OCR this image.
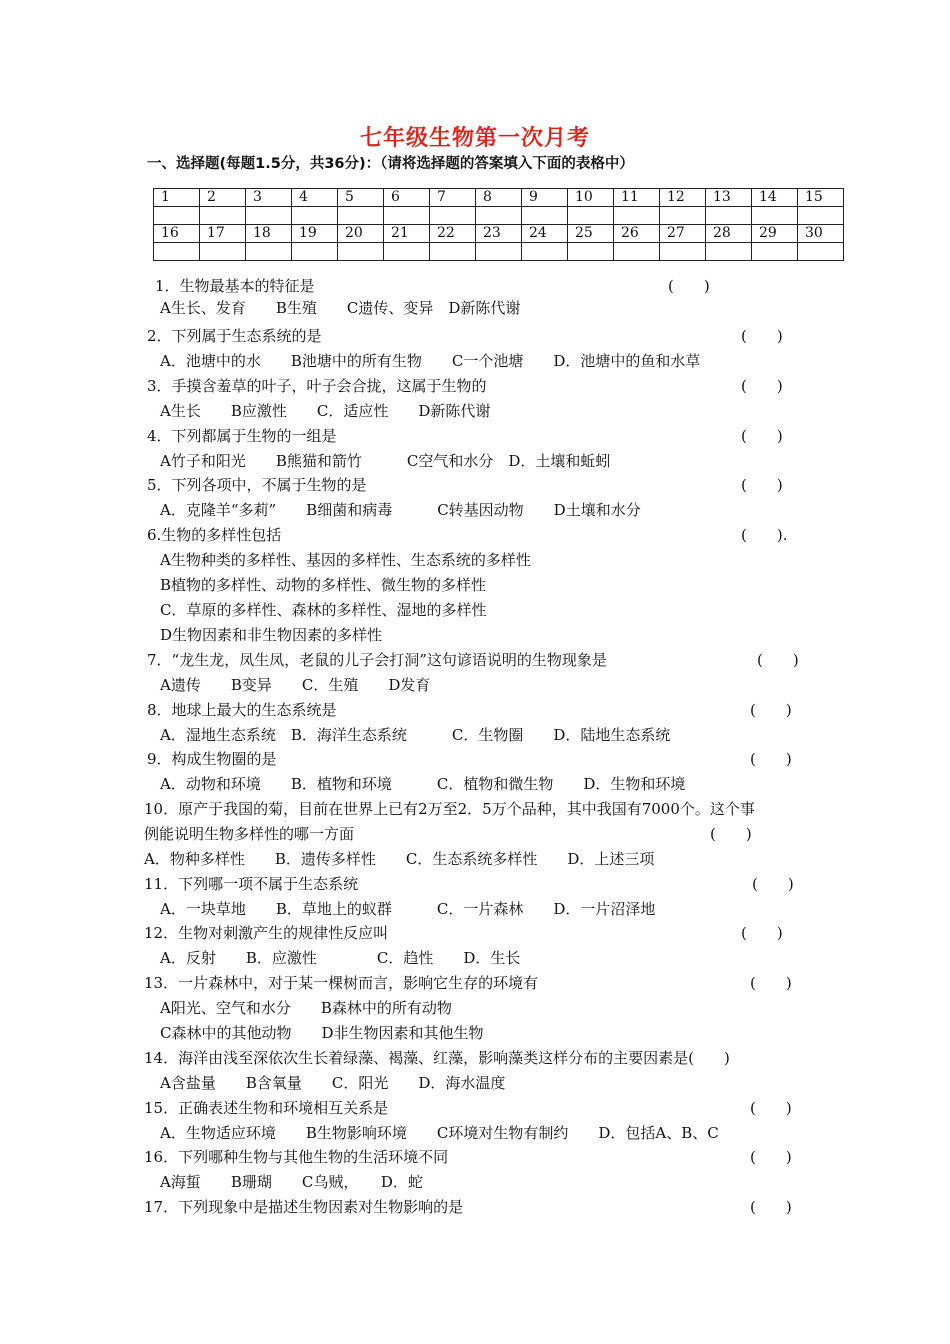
七年级生物第一次月考
一、选择题(每题1.5分，共36分)：（请将选择题的答案填入下面的表格中）
1	2	3	4	5	6	7	8	9	10	11	12	13	14	15

16	17	18	19	20	21	22	23	24	25	26	27	28	29	30

1．生物最基本的特征是	(　　)
A生长、发育　　B生殖　　C遗传、变异　D新陈代谢
2．下列属于生态系统的是	(　　)
A．池塘中的水　　B池塘中的所有生物　　C一个池塘　　D．池塘中的鱼和水草
3．手摸含羞草的叶子，叶子会合拢，这属于生物的	(　　)
A生长　　B应激性　　C．适应性　　D新陈代谢
4．下列都属于生物的一组是	(　　)
A竹子和阳光　　B熊猫和箭竹　　　C空气和水分　D．土壤和蚯蚓
5．下列各项中，不属于生物的是	(　　)
A．克隆羊“多莉”　　B细菌和病毒　　　C转基因动物　　D土壤和水分
6.生物的多样性包括	(　　).
A生物种类的多样性、基因的多样性、生态系统的多样性
B植物的多样性、动物的多样性、微生物的多样性
C．草原的多样性、森林的多样性、湿地的多样性
D生物因素和非生物因素的多样性
7．“龙生龙，凤生凤，老鼠的儿子会打洞”这句谚语说明的生物现象是	(　　)
A遗传　　B变异　　C．生殖　　D发育
8．地球上最大的生态系统是	(　　)
A．湿地生态系统　B．海洋生态系统　　　C．生物圈　　D．陆地生态系统
9．构成生物圈的是	(　　)
A．动物和环境　　B．植物和环境　　　C．植物和微生物　　D．生物和环境
10．原产于我国的菊，目前在世界上已有2万至2．5万个品种，其中我国有7000个。这个事
例能说明生物多样性的哪一方面	(　　)
A．物种多样性　　B．遗传多样性　　C．生态系统多样性　　D．上述三项
11．下列哪一项不属于生态系统	(　　)
A．一块草地　　B．草地上的蚁群　　　C．一片森林　　D．一片沼泽地
12．生物对刺激产生的规律性反应叫	(　　)
A．反射　　B．应激性　　　　C．趋性　　D．生长
13．一片森林中，对于某一棵树而言，影响它生存的环境有	(　　)
A阳光、空气和水分　　B森林中的所有动物
C森林中的其他动物　　D非生物因素和其他生物
14．海洋由浅至深依次生长着绿藻、褐藻、红藻，影响藻类这样分布的主要因素是(　　)
A含盐量　　B含氧量　　C．阳光　　D．海水温度
15．正确表述生物和环境相互关系是	(　　)
A．生物适应环境　　B生物影响环境　　C环境对生物有制约　　D．包括A、B、C
16．下列哪种生物与其他生物的生活环境不同	(　　)
A海蜇　　B珊瑚　　C乌贼，　　D．蛇
17．下列现象中是描述生物因素对生物影响的是	(　　)
